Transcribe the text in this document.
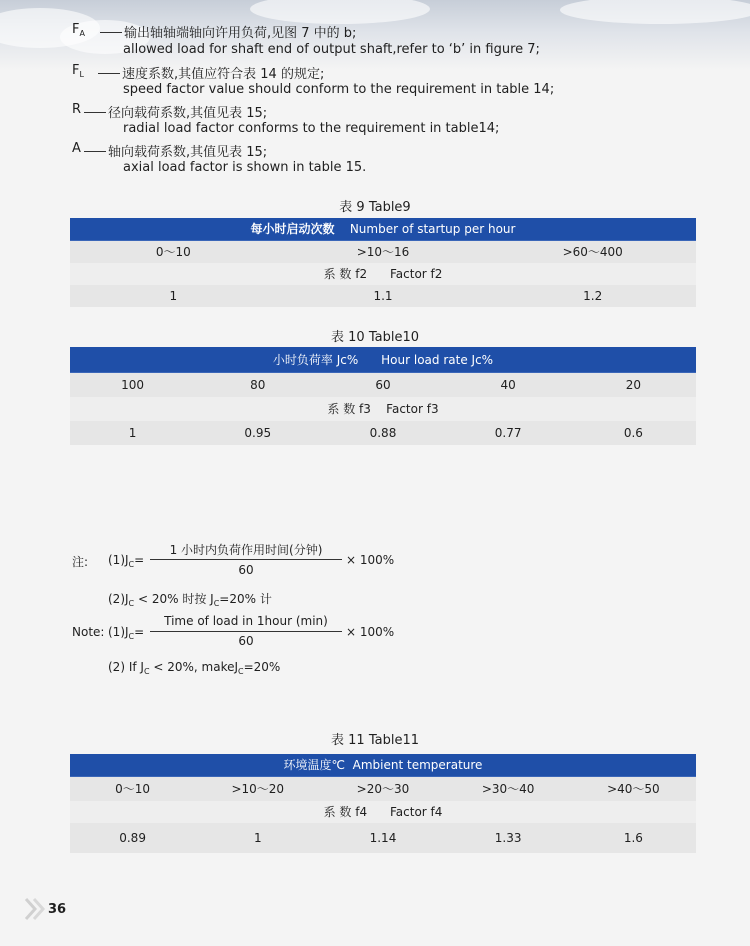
$F_A$	输出轴轴端轴向许用负荷,见图 7 中的 b;
allowed load for shaft end of output shaft,refer to ‘b’ in figure 7;
$F_L$	速度系数,其值应符合表 14 的规定;
speed factor value should conform to the requirement in table 14;
R	径向载荷系数,其值见表 15;
radial load factor conforms to the requirement in table14;
A	轴向载荷系数,其值见表 15;
axial load factor is shown in table 15.
表 9 Table9
每小时启动次数 Number of startup per hour		
0～10	>10～16	>60～400
系 数 f2 Factor f2		
1	1.1	1.2
表 10 Table10
小时负荷率 Jc% Hour load rate Jc%				
100	80	60	40	20
系 数 f3 Factor f3				
1	0.95	0.88	0.77	0.6
注: $(1)J_C=$
1 小时内负荷作用时间(分钟)
60
× 100%
$(2)J_C < 20\%$ 时按 $J_C=20\%$ 计
Note: $(1)J_C=$
Time of load in 1hour (min)
60
× 100%
(2) If $J_C < 20\%$, makeJ$_C$=20%
表 11 Table11
环境温度℃ Ambient temperature				
0～10	>10～20	>20～30	>30～40	>40～50
系 数 f4 Factor f4				
0.89	1	1.14	1.33	1.6
36
